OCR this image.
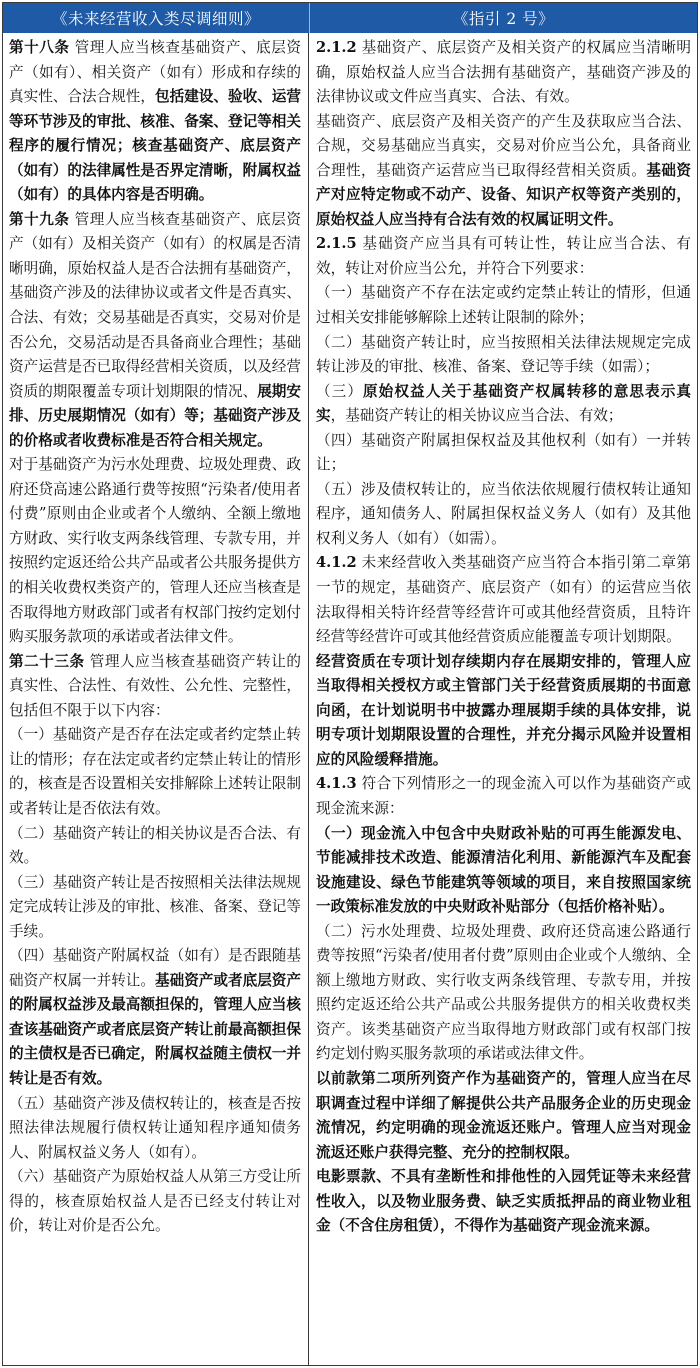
《未来经营收入类尽调细则》	《指引 2 号》

第十八条 管理人应当核查基础资产、底层资产（如有）、相关资产（如有）形成和存续的真实性、合法合规性，包括建设、验收、运营等环节涉及的审批、核准、备案、登记等相关程序的履行情况；核查基础资产、底层资产（如有）的法律属性是否界定清晰，附属权益（如有）的具体内容是否明确。

第十九条 管理人应当核查基础资产、底层资产（如有）及相关资产（如有）的权属是否清晰明确，原始权益人是否合法拥有基础资产，基础资产涉及的法律协议或者文件是否真实、合法、有效；交易基础是否真实，交易对价是否公允，交易活动是否具备商业合理性；基础资产运营是否已取得经营相关资质，以及经营资质的期限覆盖专项计划期限的情况、展期安排、历史展期情况（如有）等；基础资产涉及的价格或者收费标准是否符合相关规定。

对于基础资产为污水处理费、垃圾处理费、政府还贷高速公路通行费等按照“污染者/使用者付费”原则由企业或者个人缴纳、全额上缴地方财政、实行收支两条线管理、专款专用，并按照约定返还给公共产品或者公共服务提供方的相关收费权类资产的，管理人还应当核查是否取得地方财政部门或者有权部门按约定划付购买服务款项的承诺或者法律文件。

第二十三条 管理人应当核查基础资产转让的真实性、合法性、有效性、公允性、完整性，包括但不限于以下内容：

（一）基础资产是否存在法定或者约定禁止转让的情形；存在法定或者约定禁止转让的情形的，核查是否设置相关安排解除上述转让限制或者转让是否依法有效。

（二）基础资产转让的相关协议是否合法、有效。

（三）基础资产转让是否按照相关法律法规规定完成转让涉及的审批、核准、备案、登记等手续。

（四）基础资产附属权益（如有）是否跟随基础资产权属一并转让。基础资产或者底层资产的附属权益涉及最高额担保的，管理人应当核查该基础资产或者底层资产转让前最高额担保的主债权是否已确定，附属权益随主债权一并转让是否有效。

（五）基础资产涉及债权转让的，核查是否按照法律法规履行债权转让通知程序通知债务人、附属权益义务人（如有）。

（六）基础资产为原始权益人从第三方受让所得的，核查原始权益人是否已经支付转让对价，转让对价是否公允。

2.1.2 基础资产、底层资产及相关资产的权属应当清晰明确，原始权益人应当合法拥有基础资产，基础资产涉及的法律协议或文件应当真实、合法、有效。

基础资产、底层资产及相关资产的产生及获取应当合法、合规，交易基础应当真实，交易对价应当公允，具备商业合理性，基础资产运营应当已取得经营相关资质。基础资产对应特定物或不动产、设备、知识产权等资产类别的，原始权益人应当持有合法有效的权属证明文件。

2.1.5 基础资产应当具有可转让性，转让应当合法、有效，转让对价应当公允，并符合下列要求：

（一）基础资产不存在法定或约定禁止转让的情形，但通过相关安排能够解除上述转让限制的除外；

（二）基础资产转让时，应当按照相关法律法规规定完成转让涉及的审批、核准、备案、登记等手续（如需）；

（三）原始权益人关于基础资产权属转移的意思表示真实，基础资产转让的相关协议应当合法、有效；

（四）基础资产附属担保权益及其他权利（如有）一并转让；

（五）涉及债权转让的，应当依法依规履行债权转让通知程序，通知债务人、附属担保权益义务人（如有）及其他权利义务人（如有）（如需）。

4.1.2 未来经营收入类基础资产应当符合本指引第二章第一节的规定，基础资产、底层资产（如有）的运营应当依法取得相关特许经营等经营许可或其他经营资质，且特许经营等经营许可或其他经营资质应能覆盖专项计划期限。

经营资质在专项计划存续期内存在展期安排的，管理人应当取得相关授权方或主管部门关于经营资质展期的书面意向函，在计划说明书中披露办理展期手续的具体安排，说明专项计划期限设置的合理性，并充分揭示风险并设置相应的风险缓释措施。

4.1.3 符合下列情形之一的现金流入可以作为基础资产或现金流来源：

（一）现金流入中包含中央财政补贴的可再生能源发电、节能减排技术改造、能源清洁化利用、新能源汽车及配套设施建设、绿色节能建筑等领域的项目，来自按照国家统一政策标准发放的中央财政补贴部分（包括价格补贴）。

（二）污水处理费、垃圾处理费、政府还贷高速公路通行费等按照“污染者/使用者付费”原则由企业或个人缴纳、全额上缴地方财政、实行收支两条线管理、专款专用，并按照约定返还给公共产品或公共服务提供方的相关收费权类资产。该类基础资产应当取得地方财政部门或有权部门按约定划付购买服务款项的承诺或法律文件。

以前款第二项所列资产作为基础资产的，管理人应当在尽职调查过程中详细了解提供公共产品服务企业的历史现金流情况，约定明确的现金流返还账户。管理人应当对现金流返还账户获得完整、充分的控制权限。

电影票款、不具有垄断性和排他性的入园凭证等未来经营性收入，以及物业服务费、缺乏实质抵押品的商业物业租金（不含住房租赁），不得作为基础资产现金流来源。
